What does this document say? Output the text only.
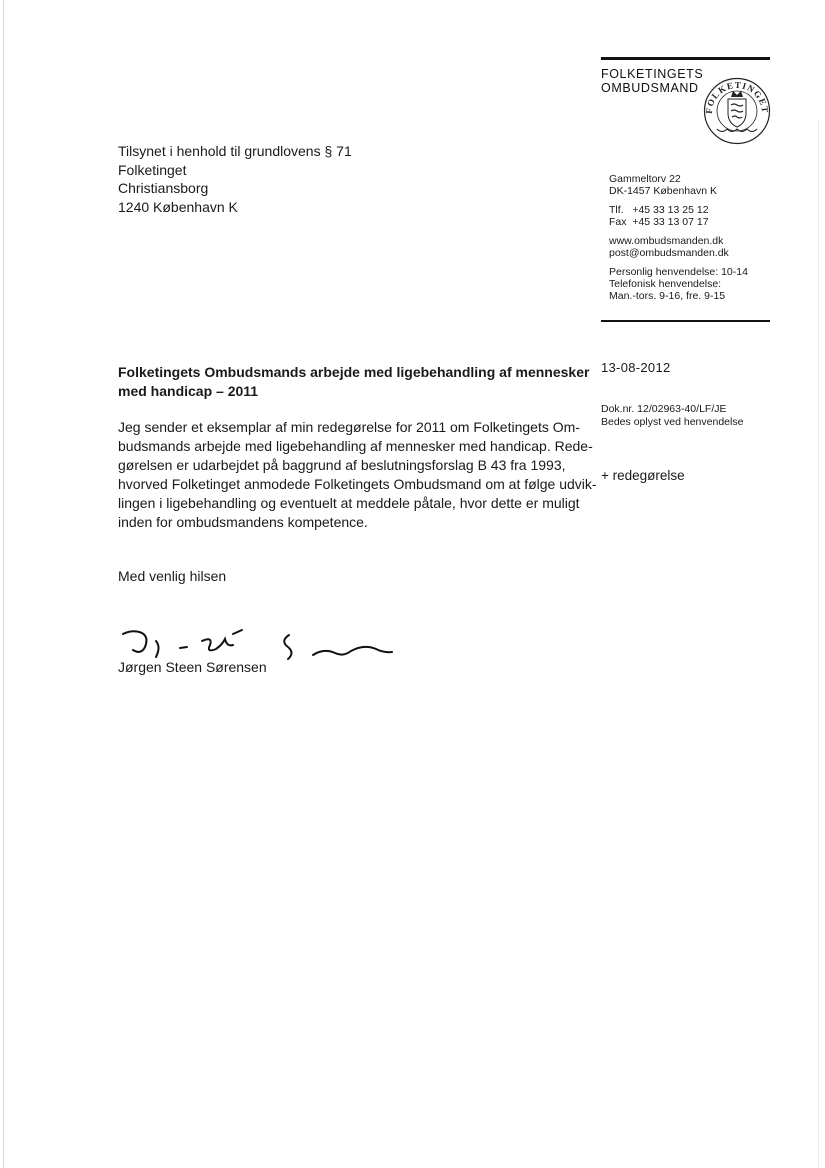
FOLKETINGETS
OMBUDSMAND
FOLKETINGET
Tilsynet i henhold til grundlovens § 71
Folketinget
Christiansborg
1240 København K
Gammeltorv 22
DK-1457 København K
Tlf.   +45 33 13 25 12
Fax  +45 33 13 07 17
www.ombudsmanden.dk
post@ombudsmanden.dk
Personlig henvendelse: 10-14
Telefonisk henvendelse:
Man.-tors. 9-16, fre. 9-15
Folketingets Ombudsmands arbejde med ligebehandling af mennesker
med handicap – 2011
13-08-2012
Dok.nr. 12/02963-40/LF/JE
Bedes oplyst ved henvendelse
+ redegørelse
Jeg sender et eksemplar af min redegørelse for 2011 om Folketingets Om-
budsmands arbejde med ligebehandling af mennesker med handicap. Rede-
gørelsen er udarbejdet på baggrund af beslutningsforslag B 43 fra 1993,
hvorved Folketinget anmodede Folketingets Ombudsmand om at følge udvik-
lingen i ligebehandling og eventuelt at meddele påtale, hvor dette er muligt
inden for ombudsmandens kompetence.
Med venlig hilsen
Jørgen Steen Sørensen
